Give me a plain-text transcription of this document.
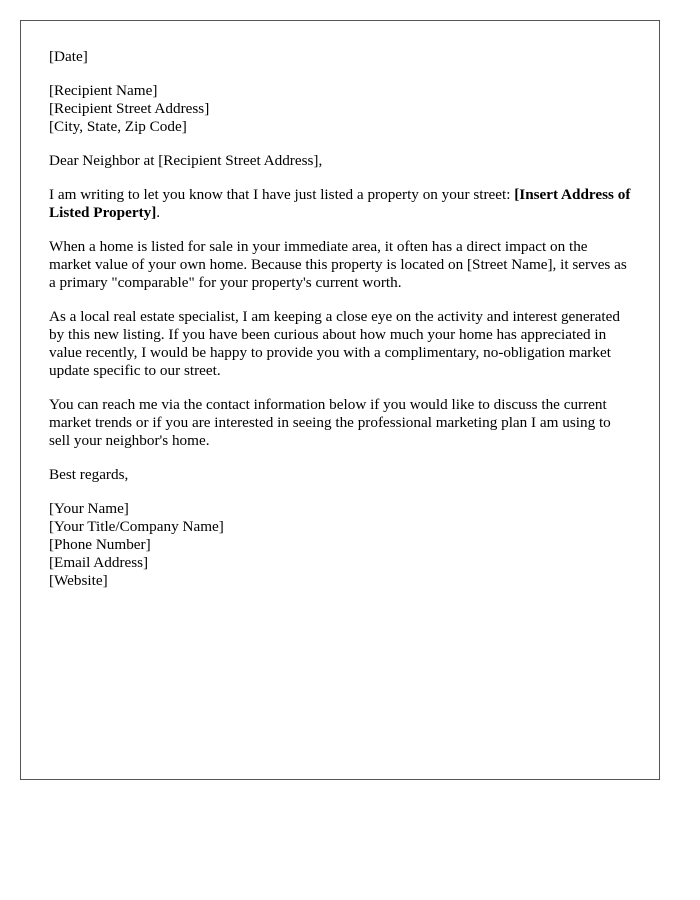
[Date]
[Recipient Name]
[Recipient Street Address]
[City, State, Zip Code]

Dear Neighbor at [Recipient Street Address],

I am writing to let you know that I have just listed a property on your street: [Insert Address of Listed Property].

When a home is listed for sale in your immediate area, it often has a direct impact on the market value of your own home. Because this property is located on [Street Name], it serves as a primary "comparable" for your property's current worth.

As a local real estate specialist, I am keeping a close eye on the activity and interest generated by this new listing. If you have been curious about how much your home has appreciated in value recently, I would be happy to provide you with a complimentary, no-obligation market update specific to our street.

You can reach me via the contact information below if you would like to discuss the current market trends or if you are interested in seeing the professional marketing plan I am using to sell your neighbor's home.

Best regards,

[Your Name]
[Your Title/Company Name]
[Phone Number]
[Email Address]
[Website]
